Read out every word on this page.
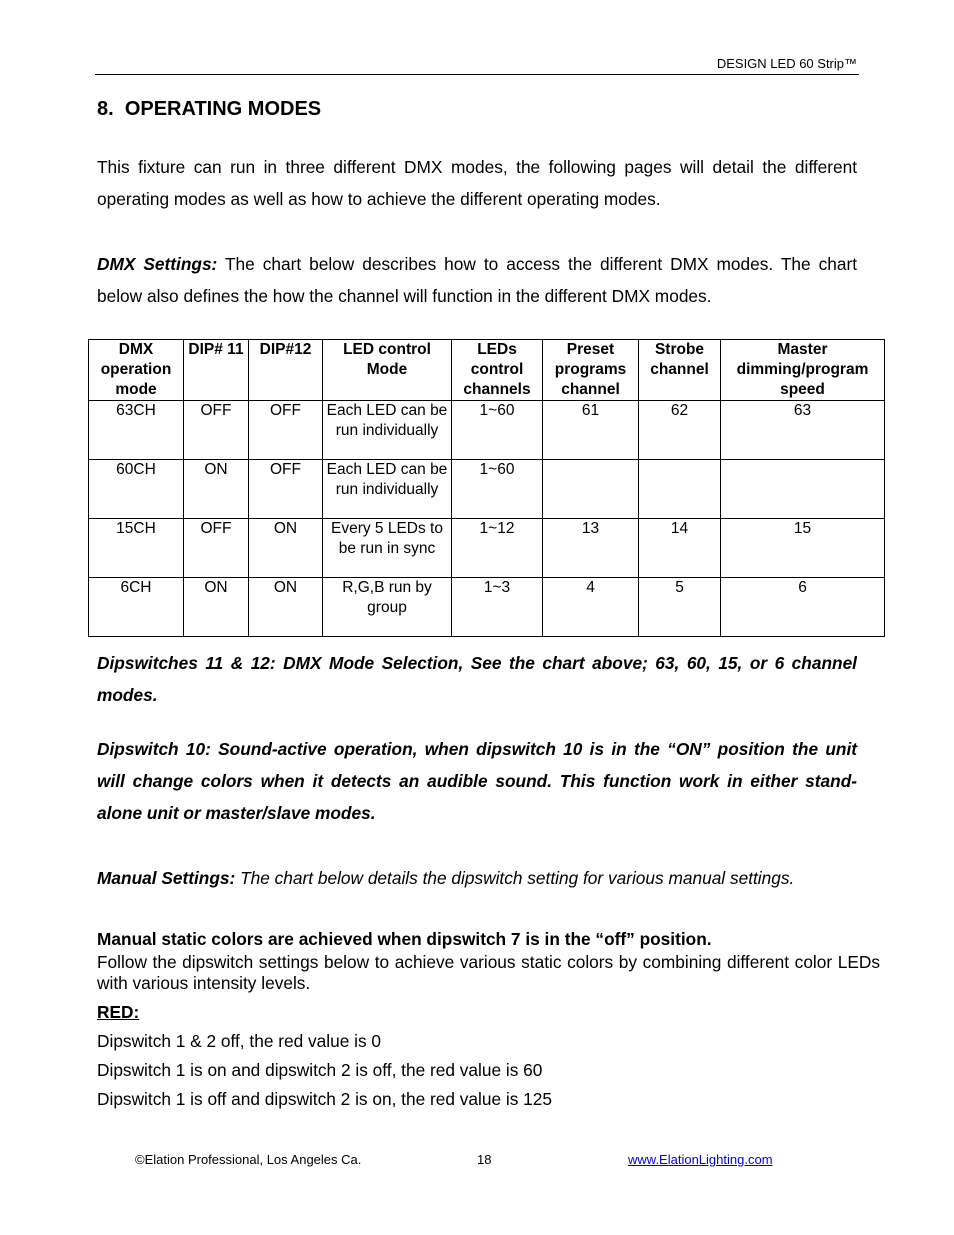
DESIGN LED 60 Strip™
8. OPERATING MODES

This fixture can run in three different DMX modes, the following pages will detail the different operating modes as well as how to achieve the different operating modes.

DMX Settings: The chart below describes how to access the different DMX modes. The chart below also defines the how the channel will function in the different DMX modes.

DMX operation mode	DIP# 11	DIP#12	LED control Mode	LEDs control channels	Preset programs channel	Strobe channel	Master dimming/program speed
63CH	OFF	OFF	Each LED can be run individually	1~60	61	62	63
60CH	ON	OFF	Each LED can be run individually	1~60			
15CH	OFF	ON	Every 5 LEDs to be run in sync	1~12	13	14	15
6CH	ON	ON	R,G,B run by group	1~3	4	5	6

Dipswitches 11 & 12: DMX Mode Selection, See the chart above; 63, 60, 15, or 6 channel modes.

Dipswitch 10: Sound-active operation, when dipswitch 10 is in the “ON” position the unit will change colors when it detects an audible sound. This function work in either stand-alone unit or master/slave modes.

Manual Settings: The chart below details the dipswitch setting for various manual settings.

Manual static colors are achieved when dipswitch 7 is in the “off” position.

Follow the dipswitch settings below to achieve various static colors by combining different color LEDs with various intensity levels.

RED:

Dipswitch 1 & 2 off, the red value is 0

Dipswitch 1 is on and dipswitch 2 is off, the red value is 60

Dipswitch 1 is off and dipswitch 2 is on, the red value is 125

©Elation Professional, Los Angeles Ca.	18	www.ElationLighting.com
